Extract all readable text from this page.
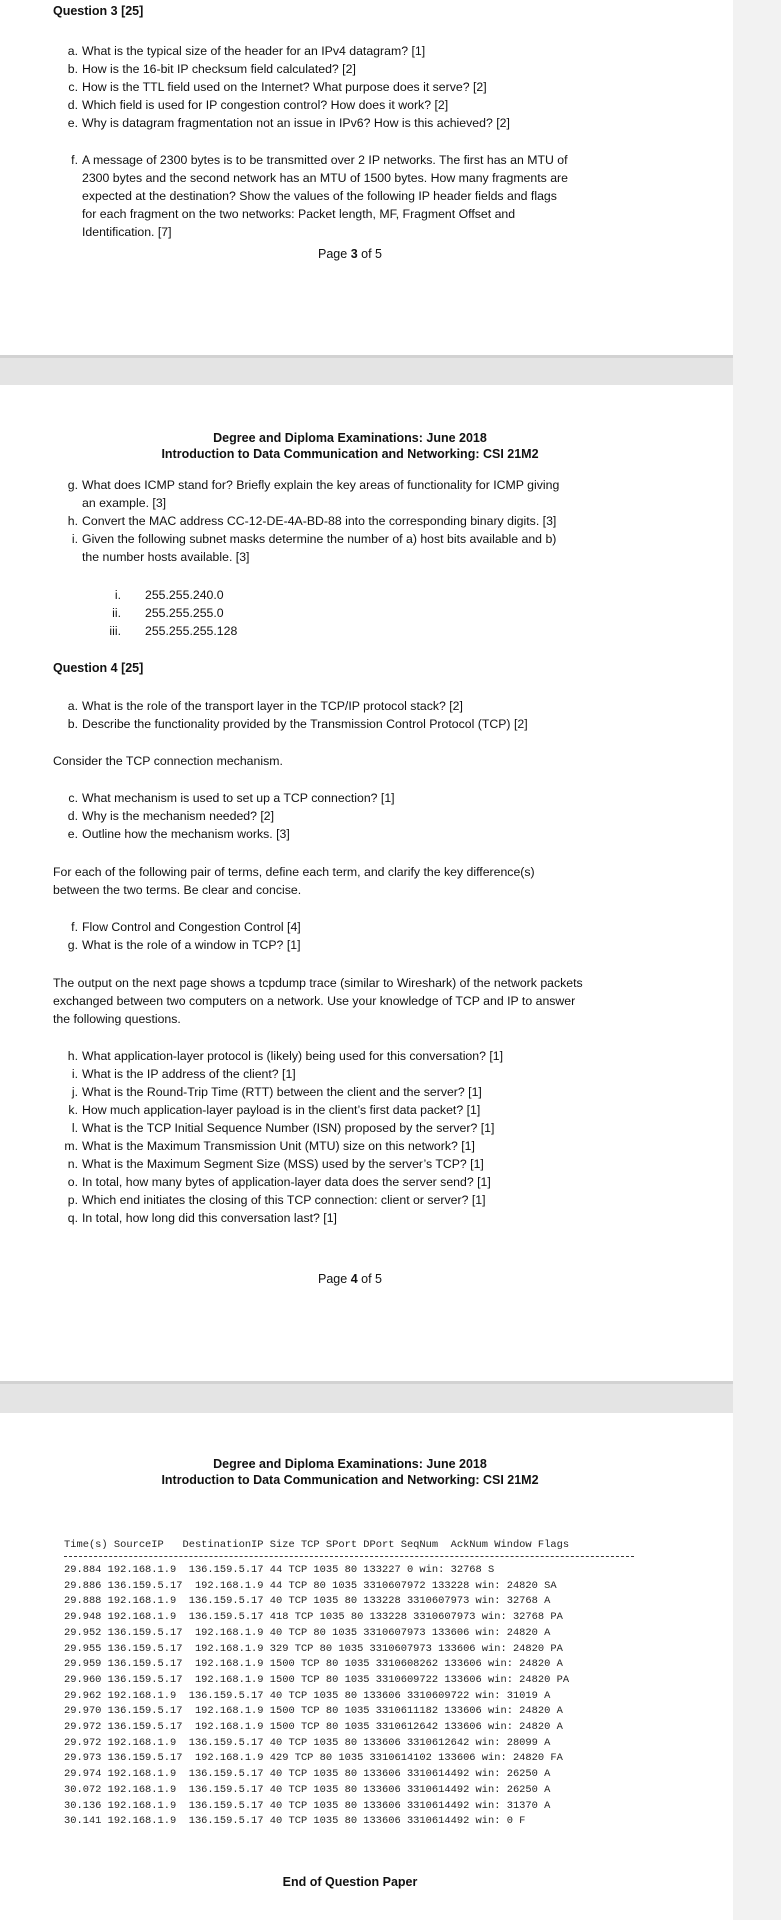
Question 3 [25]
a. What is the typical size of the header for an IPv4 datagram? [1]
b. How is the 16-bit IP checksum field calculated? [2]
c. How is the TTL field used on the Internet? What purpose does it serve? [2]
d. Which field is used for IP congestion control? How does it work? [2]
e. Why is datagram fragmentation not an issue in IPv6? How is this achieved? [2]
f. A message of 2300 bytes is to be transmitted over 2 IP networks. The first has an MTU of
2300 bytes and the second network has an MTU of 1500 bytes. How many fragments are
expected at the destination? Show the values of the following IP header fields and flags
for each fragment on the two networks: Packet length, MF, Fragment Offset and
Identification. [7]
Page 3 of 5
Degree and Diploma Examinations: June 2018
Introduction to Data Communication and Networking: CSI 21M2
g. What does ICMP stand for? Briefly explain the key areas of functionality for ICMP giving
an example. [3]
h. Convert the MAC address CC-12-DE-4A-BD-88 into the corresponding binary digits. [3]
i. Given the following subnet masks determine the number of a) host bits available and b)
the number hosts available. [3]
i. 255.255.240.0
ii. 255.255.255.0
iii. 255.255.255.128
Question 4 [25]
a. What is the role of the transport layer in the TCP/IP protocol stack? [2]
b. Describe the functionality provided by the Transmission Control Protocol (TCP) [2]
Consider the TCP connection mechanism.
c. What mechanism is used to set up a TCP connection? [1]
d. Why is the mechanism needed? [2]
e. Outline how the mechanism works. [3]
For each of the following pair of terms, define each term, and clarify the key difference(s)
between the two terms. Be clear and concise.
f. Flow Control and Congestion Control [4]
g. What is the role of a window in TCP? [1]
The output on the next page shows a tcpdump trace (similar to Wireshark) of the network packets
exchanged between two computers on a network. Use your knowledge of TCP and IP to answer
the following questions.
h. What application-layer protocol is (likely) being used for this conversation? [1]
i. What is the IP address of the client? [1]
j. What is the Round-Trip Time (RTT) between the client and the server? [1]
k. How much application-layer payload is in the client’s first data packet? [1]
l. What is the TCP Initial Sequence Number (ISN) proposed by the server? [1]
m. What is the Maximum Transmission Unit (MTU) size on this network? [1]
n. What is the Maximum Segment Size (MSS) used by the server’s TCP? [1]
o. In total, how many bytes of application-layer data does the server send? [1]
p. Which end initiates the closing of this TCP connection: client or server? [1]
q. In total, how long did this conversation last? [1]
Page 4 of 5
Degree and Diploma Examinations: June 2018
Introduction to Data Communication and Networking: CSI 21M2
Time(s) SourceIP   DestinationIP Size TCP SPort DPort SeqNum  AckNum Window Flags
29.884 192.168.1.9  136.159.5.17 44 TCP 1035 80 133227 0 win: 32768 S
29.886 136.159.5.17  192.168.1.9 44 TCP 80 1035 3310607972 133228 win: 24820 SA
29.888 192.168.1.9  136.159.5.17 40 TCP 1035 80 133228 3310607973 win: 32768 A
29.948 192.168.1.9  136.159.5.17 418 TCP 1035 80 133228 3310607973 win: 32768 PA
29.952 136.159.5.17  192.168.1.9 40 TCP 80 1035 3310607973 133606 win: 24820 A
29.955 136.159.5.17  192.168.1.9 329 TCP 80 1035 3310607973 133606 win: 24820 PA
29.959 136.159.5.17  192.168.1.9 1500 TCP 80 1035 3310608262 133606 win: 24820 A
29.960 136.159.5.17  192.168.1.9 1500 TCP 80 1035 3310609722 133606 win: 24820 PA
29.962 192.168.1.9  136.159.5.17 40 TCP 1035 80 133606 3310609722 win: 31019 A
29.970 136.159.5.17  192.168.1.9 1500 TCP 80 1035 3310611182 133606 win: 24820 A
29.972 136.159.5.17  192.168.1.9 1500 TCP 80 1035 3310612642 133606 win: 24820 A
29.972 192.168.1.9  136.159.5.17 40 TCP 1035 80 133606 3310612642 win: 28099 A
29.973 136.159.5.17  192.168.1.9 429 TCP 80 1035 3310614102 133606 win: 24820 FA
29.974 192.168.1.9  136.159.5.17 40 TCP 1035 80 133606 3310614492 win: 26250 A
30.072 192.168.1.9  136.159.5.17 40 TCP 1035 80 133606 3310614492 win: 26250 A
30.136 192.168.1.9  136.159.5.17 40 TCP 1035 80 133606 3310614492 win: 31370 A
30.141 192.168.1.9  136.159.5.17 40 TCP 1035 80 133606 3310614492 win: 0 F
End of Question Paper
